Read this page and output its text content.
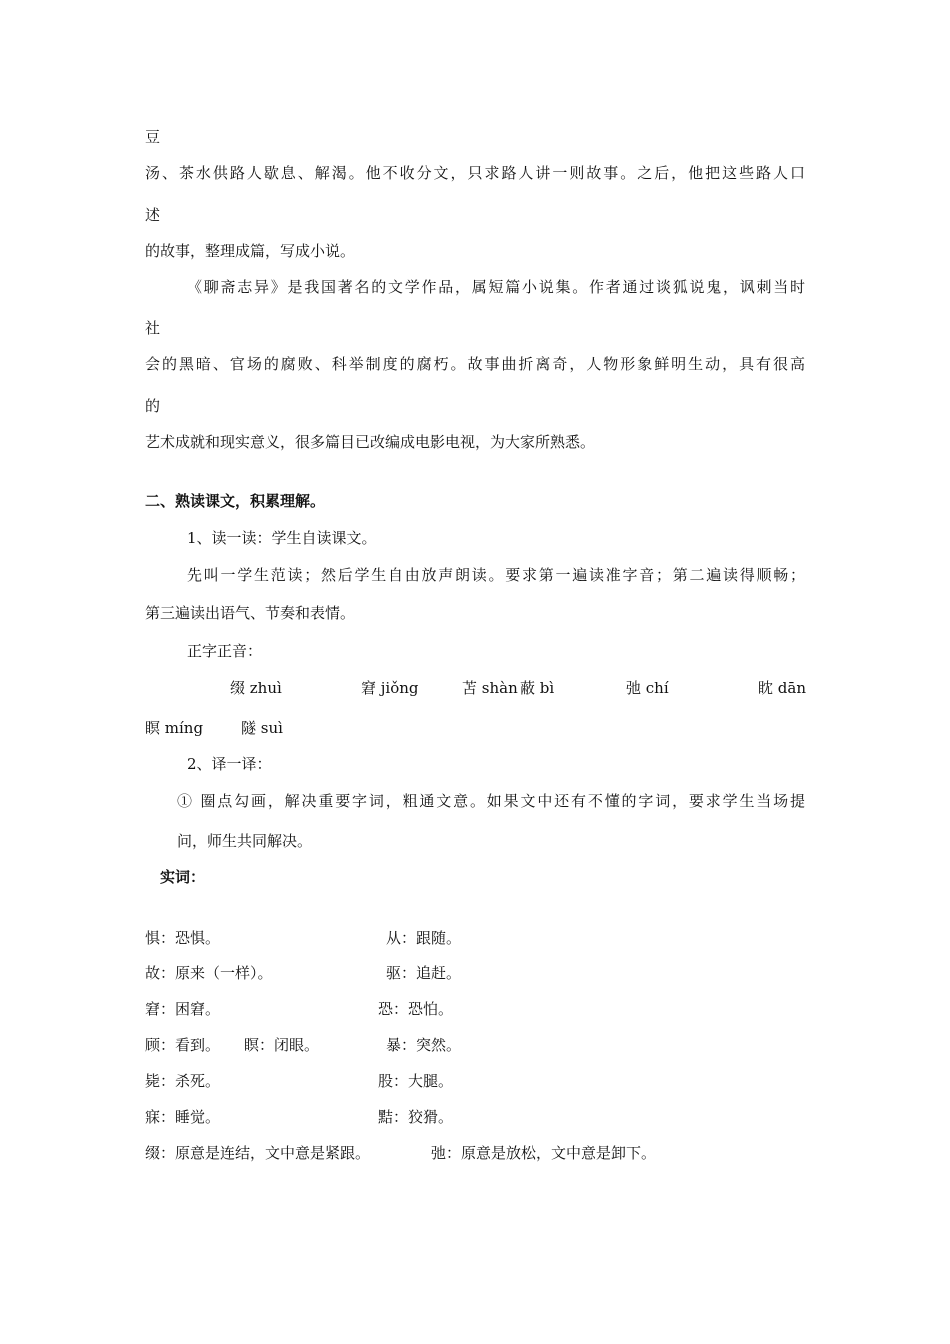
豆
汤、茶水供路人歇息、解渴。他不收分文，只求路人讲一则故事。之后，他把这些路人口
述
的故事，整理成篇，写成小说。
《聊斋志异》是我国著名的文学作品，属短篇小说集。作者通过谈狐说鬼，讽刺当时
社
会的黑暗、官场的腐败、科举制度的腐朽。故事曲折离奇，人物形象鲜明生动，具有很高
的
艺术成就和现实意义，很多篇目已改编成电影电视，为大家所熟悉。
二、熟读课文，积累理解。
1、读一读：学生自读课文。
先叫一学生范读；然后学生自由放声朗读。要求第一遍读准字音；第二遍读得顺畅；
第三遍读出语气、节奏和表情。
正字正音：
缀 zhuì	窘 jiǒng	苫 shàn 蔽 bì	弛 chí	眈 dān
瞑 míng	隧 suì
2、译一译：
① 圈点勾画，解决重要字词，粗通文意。如果文中还有不懂的字词，要求学生当场提
问，师生共同解决。
实词：
惧：恐惧。	从：跟随。
故：原来（一样）。	驱：追赶。
窘：困窘。	恐：恐怕。
顾：看到。 瞑：闭眼。	暴：突然。
毙：杀死。	股：大腿。
寐：睡觉。	黠：狡猾。
缀：原意是连结，文中意是紧跟。	弛：原意是放松，文中意是卸下。
